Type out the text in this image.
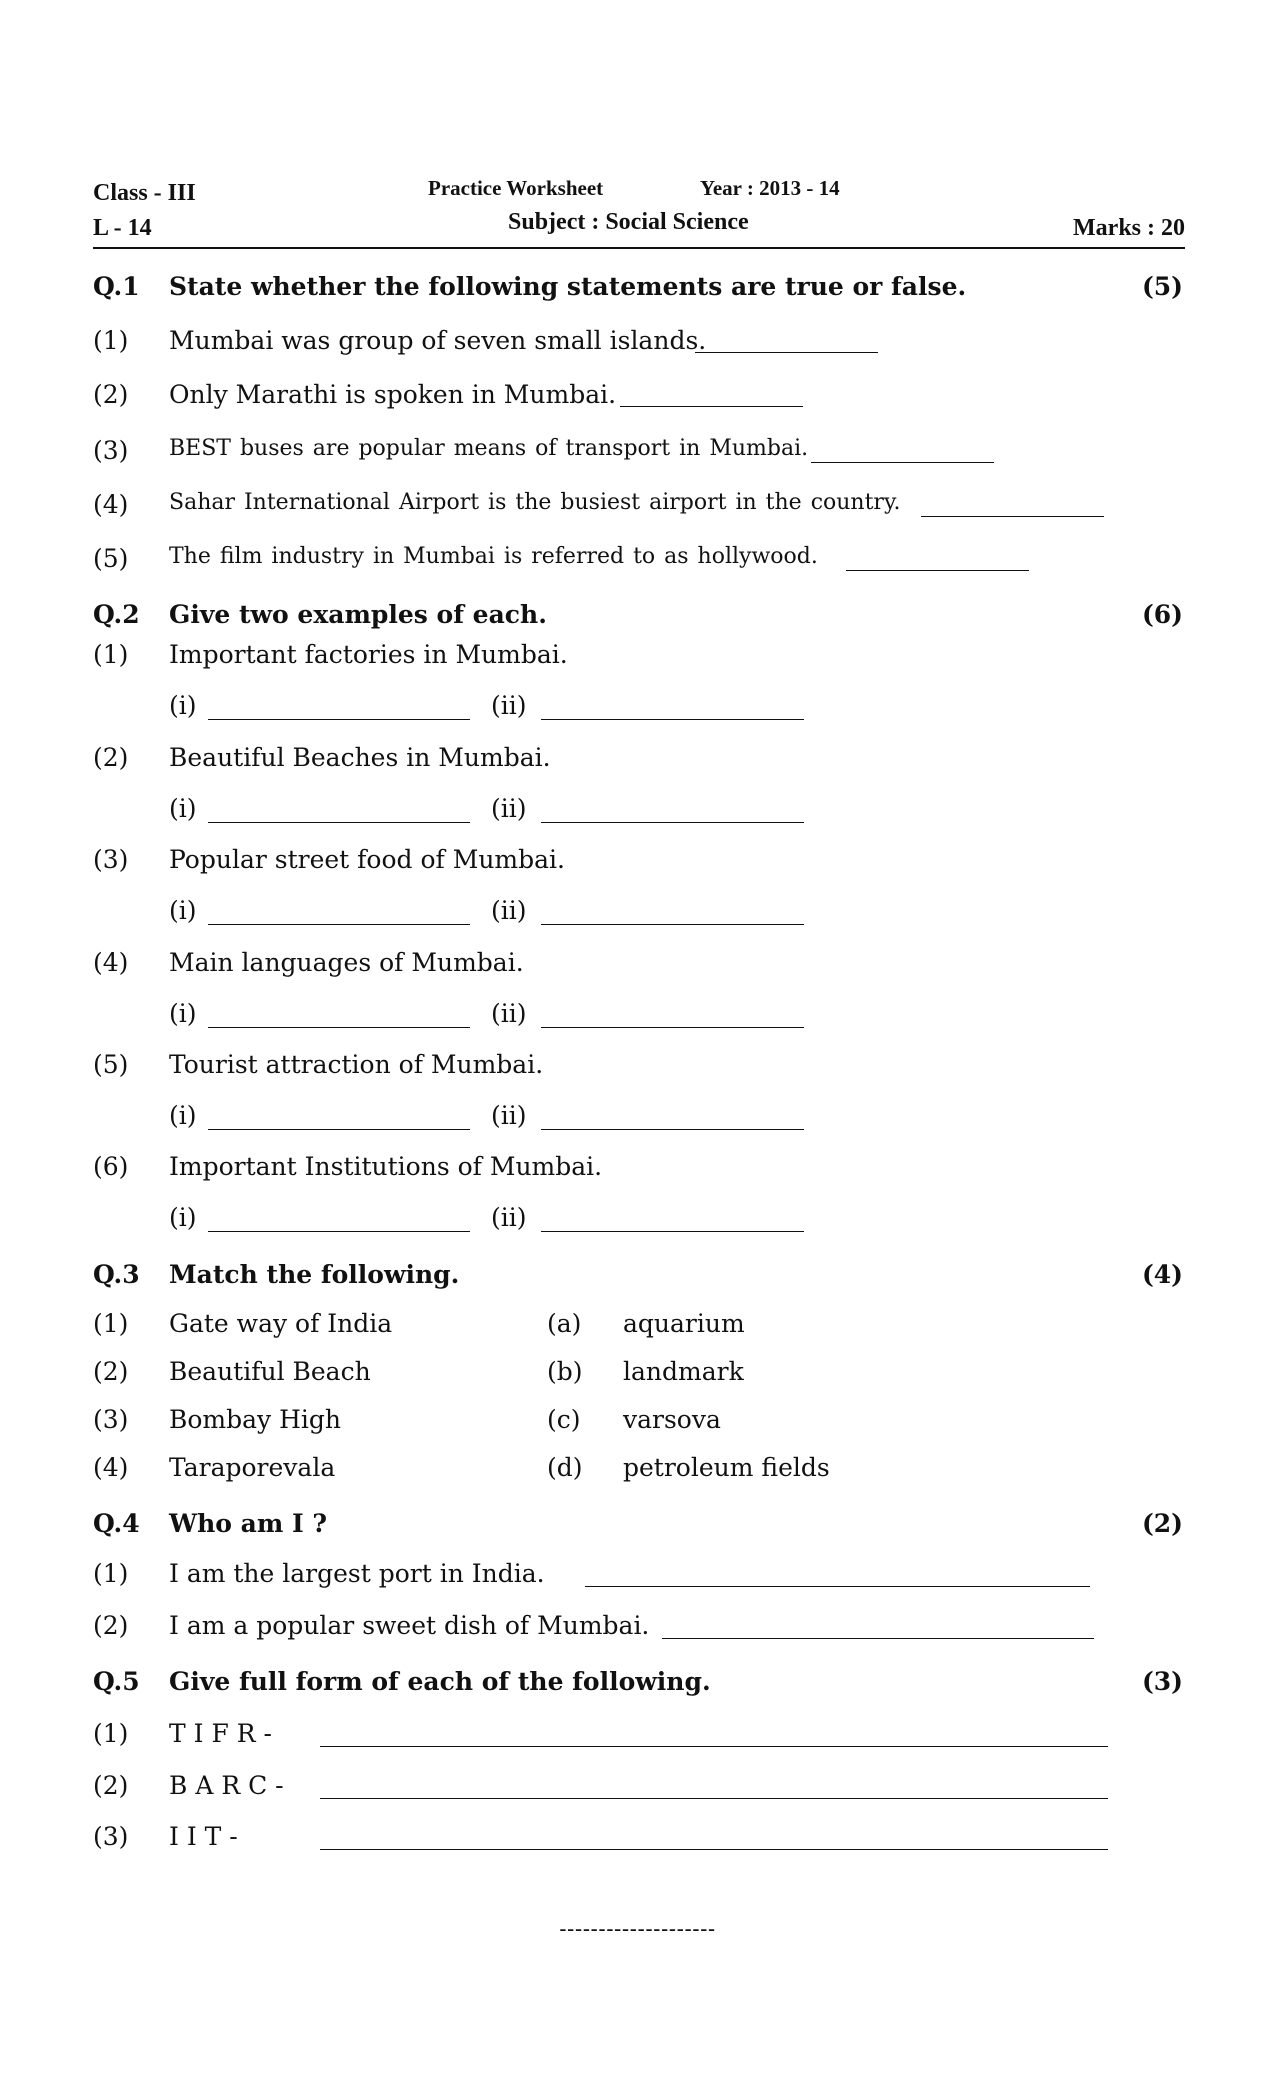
Class - III
L - 14
Practice Worksheet	Year : 2013 - 14
Subject : Social Science	Marks : 20
Q.1 State whether the following statements are true or false.	(5)
(1) Mumbai was group of seven small islands.
(2) Only Marathi is spoken in Mumbai.
(3) BEST buses are popular means of transport in Mumbai.
(4) Sahar International Airport is the busiest airport in the country.
(5) The film industry in Mumbai is referred to as hollywood.
Q.2 Give two examples of each.	(6)
(1) Important factories in Mumbai.
(i)	(ii)
(2) Beautiful Beaches in Mumbai.
(i)	(ii)
(3) Popular street food of Mumbai.
(i)	(ii)
(4) Main languages of Mumbai.
(i)	(ii)
(5) Tourist attraction of Mumbai.
(i)	(ii)
(6) Important Institutions of Mumbai.
(i)	(ii)
Q.3 Match the following.	(4)
(1) Gate way of India	(a) aquarium
(2) Beautiful Beach	(b) landmark
(3) Bombay High	(c) varsova
(4) Taraporevala	(d) petroleum fields
Q.4 Who am I ?	(2)
(1) I am the largest port in India.
(2) I am a popular sweet dish of Mumbai.
Q.5 Give full form of each of the following.	(3)
(1) T I F R -
(2) B A R C -
(3) I I T -
--------------------
